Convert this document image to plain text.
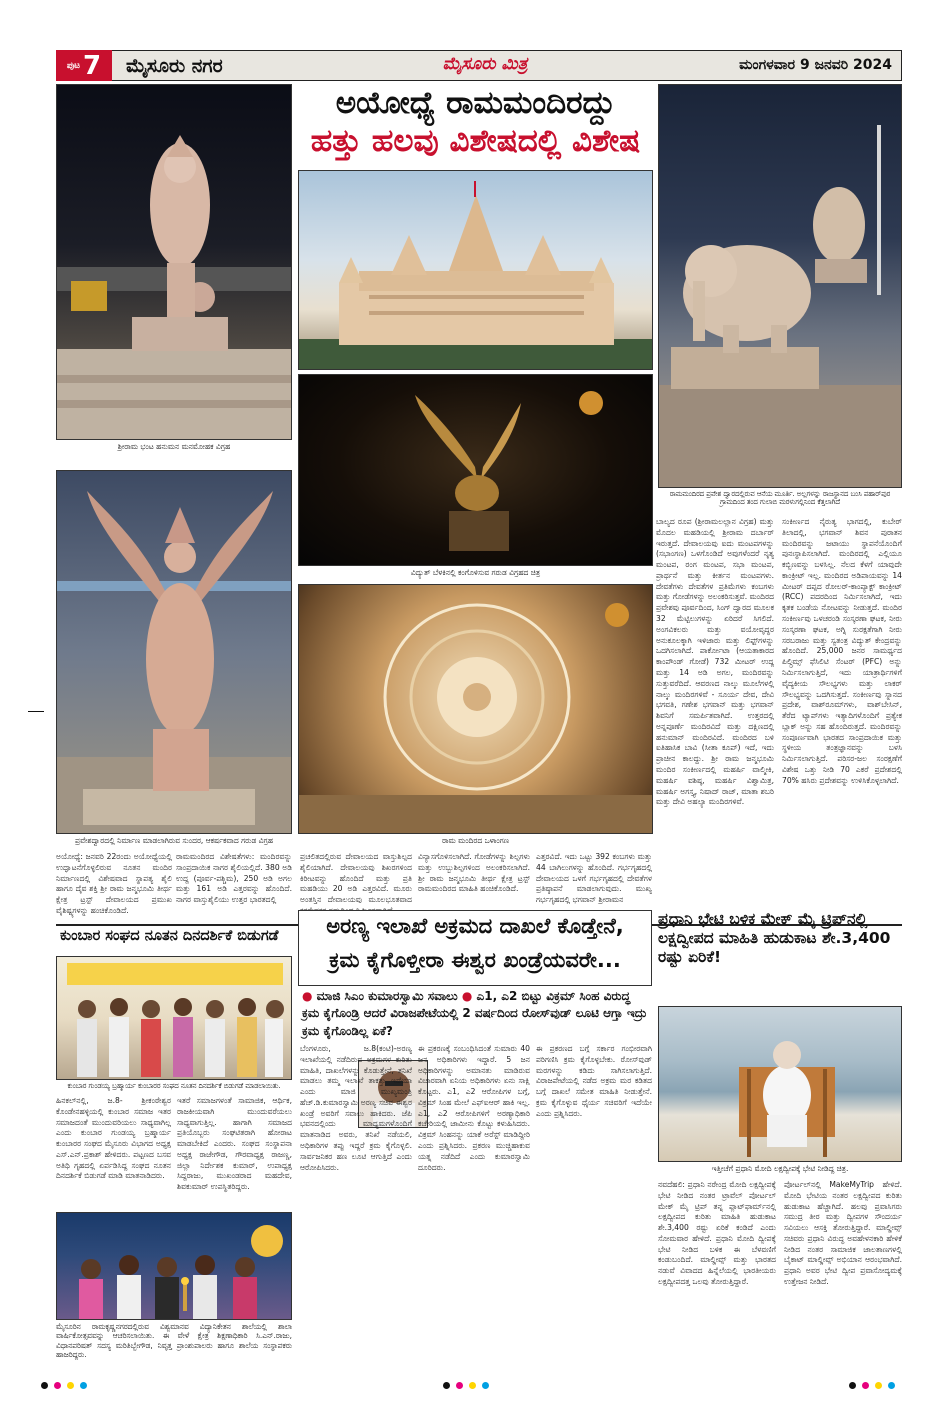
ಪುಟ 7	ಮೈಸೂರು ನಗರ	ಮೈಸೂರು ಮಿತ್ರ	ಮಂಗಳವಾರ 9 ಜನವರಿ 2024
ಶ್ರೀರಾಮ ಭಂಟ ಹನುಮನ ಮನಮೋಹಕ ವಿಗ್ರಹ
ಪ್ರವೇಶದ್ವಾರದಲ್ಲಿ ನಿರ್ಮಾಣ ಮಾಡಲಾಗಿರುವ ಸುಂದರ, ಆಕರ್ಷಕವಾದ ಗರುಡ ವಿಗ್ರಹ
ಅಯೋಧ್ಯೆ ರಾಮಮಂದಿರದ್ದು
ಹತ್ತು ಹಲವು ವಿಶೇಷದಲ್ಲಿ ವಿಶೇಷ
ವಿದ್ಯುತ್ ಬೆಳಕಿನಲ್ಲಿ ಕಂಗೊಳಿಸುವ ಗರುಡ ವಿಗ್ರಹದ ಚಿತ್ರ
ರಾಮ ಮಂದಿರದ ಒಳಾಂಗಣ
ರಾಮಮಂದಿರದ ಪ್ರವೇಶ ದ್ವಾರದಲ್ಲಿರುವ ಆನೆಯ ಮೂರ್ತಿ. ಅಲ್ಲಗಳನ್ನು ರಾಜಸ್ಥಾನದ ಬಂಸಿ ಪಹಾರ್‌ಪುರ ಗ್ರಾಮದಿಂದ ತಂದ ಗುಲಾಬಿ ಮರಳುಗಲ್ಲಿನಿಂದ ಕೆತ್ತಲಾಗಿದೆ
ಬಾಲ್ಯದ ರೂಪ (ಶ್ರೀರಾಮಲಲ್ಲಾನ ವಿಗ್ರಹ) ಮತ್ತು ಮೊದಲ ಮಹಡಿಯಲ್ಲಿ ಶ್ರೀರಾಮ ದರ್ಬಾರ್ ಇರುತ್ತದೆ. ದೇವಾಲಯವು ಐದು ಮಂಟಪಗಳನ್ನು (ಸಭಾಂಗಣ) ಒಳಗೊಂಡಿದೆ ಅವುಗಳೆಂದರೆ ನೃತ್ಯ ಮಂಟಪ, ರಂಗ ಮಂಟಪ, ಸಭಾ ಮಂಟಪ, ಪ್ರಾರ್ಥನೆ ಮತ್ತು ಕೀರ್ತನ ಮಂಟಪಗಳು. ದೇವತೆಗಳು ದೇವತೆಗಳ ಪ್ರತಿಮೆಗಳು ಕಂಬಗಳು ಮತ್ತು ಗೋಡೆಗಳನ್ನು ಅಲಂಕರಿಸುತ್ತವೆ. ಮಂದಿರದ ಪ್ರವೇಶವು ಪೂರ್ವದಿಂದ, ಸಿಂಗ್ ದ್ವಾರದ ಮೂಲಕ 32 ಮೆಟ್ಟಿಲುಗಳನ್ನು ಏರಿದರೆ ಸಿಗಲಿದೆ. ಅಂಗವಿಕಲರು ಮತ್ತು ವಯೋವೃದ್ಧರ ಅನುಕೂಲಕ್ಕಾಗಿ ಇಳಿಜಾರು ಮತ್ತು ಲಿಫ್ಟ್‌ಗಳನ್ನು ಒದಗಿಸಲಾಗಿದೆ. ಪಾರ್ಕೋಟಾ (ಆಯತಾಕಾರದ ಕಾಂಪೌಂಡ್ ಗೋಡೆ) 732 ಮೀಟರ್ ಉದ್ದ ಮತ್ತು 14 ಅಡಿ ಅಗಲ, ಮಂದಿರವನ್ನು ಸುತ್ತುವರೆದಿದೆ. ಆವರಣದ ನಾಲ್ಕು ಮೂಲೆಗಳಲ್ಲಿ ನಾಲ್ಕು ಮಂದಿರಗಳಿವೆ - ಸೂರ್ಯ ದೇವ, ದೇವಿ ಭಗವತಿ, ಗಣೇಶ ಭಗವಾನ್ ಮತ್ತು ಭಗವಾನ್ ಶಿವನಿಗೆ ಸಮರ್ಪಿತವಾಗಿದೆ. ಉತ್ತರದಲ್ಲಿ ಅನ್ನಪೂರ್ಣೆ ಮಂದಿರವಿದೆ ಮತ್ತು ದಕ್ಷಿಣದಲ್ಲಿ ಹನುಮಾನ್ ಮಂದಿರವಿದೆ. ಮಂದಿರದ ಬಳಿ ಐತಿಹಾಸಿಕ ಬಾವಿ (ಸೀತಾ ಕೂಪ್) ಇದೆ, ಇದು ಪ್ರಾಚೀನ ಕಾಲದ್ದು. ಶ್ರೀ ರಾಮ ಜನ್ಮಭೂಮಿ ಮಂದಿರ ಸಂಕೀರ್ಣದಲ್ಲಿ ಮಹರ್ಷಿ ವಾಲ್ಮೀಕಿ, ಮಹರ್ಷಿ ವಶಿಷ್ಠ, ಮಹರ್ಷಿ ವಿಶ್ವಾಮಿತ್ರ, ಮಹರ್ಷಿ ಅಗಸ್ತ್ಯ, ನಿಷಾದ್ ರಾಜ್, ಮಾತಾ ಶಬರಿ ಮತ್ತು ದೇವಿ ಅಹಲ್ಯಾ ಮಂದಿರಗಳಿವೆ.
ಸಂಕೀರ್ಣದ ನೈರುತ್ಯ ಭಾಗದಲ್ಲಿ, ಕುಬೇರ್ ತಿಲಾದಲ್ಲಿ, ಭಗವಾನ್ ಶಿವನ ಪುರಾತನ ಮಂದಿರವನ್ನು ಜಟಾಯು ಸ್ಥಾಪನೆಯೊಂದಿಗೆ ಪುನಃಸ್ಥಾಪಿಸಲಾಗಿದೆ. ಮಂದಿರದಲ್ಲಿ ಎಲ್ಲಿಯೂ ಕಬ್ಬಿಣವನ್ನು ಬಳಸಿಲ್ಲ. ನೆಲದ ಕೆಳಗೆ ಯಾವುದೇ ಕಾಂಕ್ರೀಟ್ ಇಲ್ಲ. ಮಂದಿರದ ಅಡಿಪಾಯವನ್ನು 14 ಮೀಟರ್ ದಪ್ಪದ ರೋಲರ್-ಕಾಂಪ್ಯಾಕ್ಟ್ ಕಾಂಕ್ರೀಟ್ (RCC) ಪದರದಿಂದ ನಿರ್ಮಿಸಲಾಗಿದೆ, ಇದು ಕೃತಕ ಬಂಡೆಯ ನೋಟವನ್ನು ನೀಡುತ್ತದೆ. ಮಂದಿರ ಸಂಕೀರ್ಣವು ಒಳಚರಂಡಿ ಸಂಸ್ಕರಣಾ ಘಟಕ, ನೀರು ಸಂಸ್ಕರಣಾ ಘಟಕ, ಅಗ್ನಿ ಸುರಕ್ಷತೆಗಾಗಿ ನೀರು ಸರಬರಾಜು ಮತ್ತು ಸ್ವತಂತ್ರ ವಿದ್ಯುತ್ ಕೇಂದ್ರವನ್ನು ಹೊಂದಿದೆ. 25,000 ಜನರ ಸಾಮರ್ಥ್ಯದ ಪಿಲ್ಗ್ರಿಮ್ಸ್ ಫೆಸಿಲಿಟಿ ಸೆಂಟರ್ (PFC) ಅನ್ನು ನಿರ್ಮಿಸಲಾಗುತ್ತಿದೆ, ಇದು ಯಾತ್ರಾರ್ಥಿಗಳಿಗೆ ವೈದ್ಯಕೀಯ ಸೌಲಭ್ಯಗಳು ಮತ್ತು ಲಾಕರ್ ಸೌಲಭ್ಯವನ್ನು ಒದಗಿಸುತ್ತದೆ. ಸಂಕೀರ್ಣವು ಸ್ನಾನದ ಪ್ರದೇಶ, ವಾಶ್‌ರೂಮ್‌ಗಳು, ವಾಶ್‌ಬೇಸಿನ್, ತೆರೆದ ಟ್ಯಾಪ್‌ಗಳು ಇತ್ಯಾದಿಗಳೊಂದಿಗೆ ಪ್ರತ್ಯೇಕ ಬ್ಲಾಕ್ ಅನ್ನು ಸಹ ಹೊಂದಿರುತ್ತದೆ. ಮಂದಿರವನ್ನು ಸಂಪೂರ್ಣವಾಗಿ ಭಾರತದ ಸಾಂಪ್ರದಾಯಿಕ ಮತ್ತು ಸ್ಥಳೀಯ ತಂತ್ರಜ್ಞಾನವನ್ನು ಬಳಸಿ ನಿರ್ಮಿಸಲಾಗುತ್ತಿದೆ. ಪರಿಸರ-ಜಲ ಸಂರಕ್ಷಣೆಗೆ ವಿಶೇಷ ಒತ್ತು ನೀಡಿ 70 ಎಕರೆ ಪ್ರದೇಶದಲ್ಲಿ 70% ಹಸಿರು ಪ್ರದೇಶವನ್ನು ಉಳಿಸಿಕೊಳ್ಳಲಾಗಿದೆ.
ಅಯೋಧ್ಯೆ: ಜನವರಿ 22ರಂದು ಅಯೋಧ್ಯೆಯಲ್ಲಿ ಉದ್ಘಾಟನೆಗೊಳ್ಳಲಿರುವ ನೂತನ ಮಂದಿರ ನಿರ್ಮಾಣದಲ್ಲಿ ವಿಶೇಷವಾದ ಸ್ಥಾಪತ್ಯ ಶೈಲಿ ಹಾಗೂ ದೈವ ಶಕ್ತಿ ಶ್ರೀ ರಾಮ ಜನ್ಮಭೂಮಿ ತೀರ್ಥ ಕ್ಷೇತ್ರ ಟ್ರಸ್ಟ್ ದೇವಾಲಯದ ಪ್ರಮುಖ ವೈಶಿಷ್ಟ್ಯಗಳನ್ನು ಹಂಚಿಕೊಂಡಿದೆ.
ರಾಮಮಂದಿರದ ವಿಶೇಷತೆಗಳು: ಮಂದಿರವನ್ನು ಸಾಂಪ್ರದಾಯಿಕ ನಾಗರ ಶೈಲಿಯಲ್ಲಿದೆ. 380 ಅಡಿ ಉದ್ದ (ಪೂರ್ವ-ಪಶ್ಚಿಮ), 250 ಅಡಿ ಅಗಲ ಮತ್ತು 161 ಅಡಿ ಎತ್ತರವನ್ನು ಹೊಂದಿದೆ. ನಾಗರ ವಾಸ್ತುಶೈಲಿಯು ಉತ್ತರ ಭಾರತದಲ್ಲಿ
ಪ್ರಚಲಿತದಲ್ಲಿರುವ ದೇವಾಲಯದ ವಾಸ್ತುಶಿಲ್ಪದ ಶೈಲಿಯಾಗಿದೆ. ದೇವಾಲಯವು ಶಿಖರಗಳಿಂದ ಕಿರೀಟವನ್ನು ಹೊಂದಿದೆ ಮತ್ತು ಪ್ರತಿ ಮಹಡಿಯು 20 ಅಡಿ ಎತ್ತರವಿದೆ. ಮೂರು ಅಂತಸ್ತಿನ ದೇವಾಲಯವು ಮೂಲಭೂತವಾದ
ವಿನ್ಯಾಸಗೊಳಿಸಲಾಗಿದೆ. ಗೋಡೆಗಳನ್ನು ಶಿಲ್ಪಗಳು ಮತ್ತು ಉಬ್ಬುಶಿಲ್ಪಗಳಿಂದ ಅಲಂಕರಿಸಲಾಗಿದೆ. ಶ್ರೀ ರಾಮ ಜನ್ಮಭೂಮಿ ತೀರ್ಥ ಕ್ಷೇತ್ರ ಟ್ರಸ್ಟ್ ರಾಮಮಂದಿರದ ಮಾಹಿತಿ ಹಂಚಿಕೊಂಡಿದೆ.
ಎತ್ತರವಿದೆ. ಇದು ಒಟ್ಟು 392 ಕಂಬಗಳು ಮತ್ತು 44 ಬಾಗಿಲುಗಳನ್ನು ಹೊಂದಿದೆ. ಗರ್ಭಗೃಹದಲ್ಲಿ ದೇವಾಲಯದ ಒಳಗೆ ಗರ್ಭಗೃಹದಲ್ಲಿ ದೇವತೆಗಳ ಪ್ರತಿಷ್ಠಾಪನೆ ಮಾಡಲಾಗುವುದು. ಮುಖ್ಯ ಗರ್ಭಗೃಹದಲ್ಲಿ ಭಗವಾನ್ ಶ್ರೀರಾಮನ
ಕುಂಬಾರ ಸಂಘದ ನೂತನ ದಿನದರ್ಶಿಕೆ ಬಿಡುಗಡೆ
ಕುಂಬಾರ ಗುಂಡಯ್ಯ ಬ್ರಹ್ಮಾರ್ಯ ಕುಂಬಾರರ ಸಂಘದ ನೂತನ ದಿನದರ್ಶಿಕೆ ಬಿಡುಗಡೆ ಮಾಡಲಾಯಿತು.
ಹಿನಕಲ್‌ನಲ್ಲಿ, ಜ.8- ಶ್ರೀಕಂಠೇಶ್ವರ ಕೊಂಡೇನಹಳ್ಳಿಯಲ್ಲಿ ಕುಂಬಾರ ಸಮಾಜ ಇತರ ಸಮಾಜದಂತೆ ಮುಂದುವರಿಯಲು ಸಾಧ್ಯವಾಗಿಲ್ಲ ಎಂದು ಕುಂಬಾರ ಗುಂಡಯ್ಯ ಬ್ರಹ್ಮಾರ್ಯ ಕುಂಬಾರರ ಸಂಘದ ಮೈಸೂರು ವಿಭಾಗದ ಅಧ್ಯಕ್ಷ ಎಸ್.ಎನ್.ಪ್ರಕಾಶ್ ಹೇಳಿದರು. ಪಟ್ಟಣದ ಬಸವ ಅತಿಥಿ ಗೃಹದಲ್ಲಿ ಏರ್ಪಡಿಸಿದ್ದ ಸಂಘದ ನೂತನ ದಿನದರ್ಶಿಕೆ ಬಿಡುಗಡೆ ಮಾಡಿ ಮಾತನಾಡಿದರು.
ಇತರೆ ಸಮಾಜಗಳಂತೆ ಸಾಮಾಜಿಕ, ಆರ್ಥಿಕ, ರಾಜಕೀಯವಾಗಿ ಮುಂದುವರೆಯಲು ಸಾಧ್ಯವಾಗುತ್ತಿಲ್ಲ. ಹಾಗಾಗಿ ಸಮಾಜದ ಪ್ರತಿಯೊಬ್ಬರು ಸಂಘಟಿತರಾಗಿ ಹೋರಾಟ ಮಾಡಬೇಕಿದೆ ಎಂದರು. ಸಂಘದ ಸಂಸ್ಥಾಪನಾ ಅಧ್ಯಕ್ಷ ರಾಜೇಗೌಡ, ಗೌರವಾಧ್ಯಕ್ಷ ರಾಜಣ್ಣ, ಜಿಲ್ಲಾ ನಿರ್ದೇಶಕ ಕುಮಾರ್, ಉಪಾಧ್ಯಕ್ಷ ಸಿದ್ದರಾಜು, ಮುಖಂಡರಾದ ಮಹದೇವ, ಶಿವಕುಮಾರ್ ಉಪಸ್ಥಿತರಿದ್ದರು.
ಮೈಸೂರಿನ ರಾಮಕೃಷ್ಣನಗರದಲ್ಲಿರುವ ವಿಶ್ವಮಾನವ ವಿದ್ಯಾನಿಕೇತನ ಶಾಲೆಯಲ್ಲಿ ಶಾಲಾ ವಾರ್ಷಿಕೋತ್ಸವವನ್ನು ಆಚರಿಸಲಾಯಿತು. ಈ ವೇಳೆ ಕ್ಷೇತ್ರ ಶಿಕ್ಷಣಾಧಿಕಾರಿ ಸಿ.ಎನ್.ರಾಜು, ವಿಧಾನಪರಿಷತ್ ಸದಸ್ಯ ಮರಿತಿಬ್ಬೇಗೌಡ, ನಿವೃತ್ತ ಪ್ರಾಂಶುಪಾಲರು ಹಾಗೂ ಶಾಲೆಯ ಸಂಸ್ಥಾಪಕರು ಹಾಜರಿದ್ದರು.
ಅರಣ್ಯ ಇಲಾಖೆ ಅಕ್ರಮದ ದಾಖಲೆ ಕೊಡ್ತೇನೆ,
ಕ್ರಮ ಕೈಗೊಳ್ತೀರಾ ಈಶ್ವರ ಖಂಡ್ರೆಯವರೇ...
● ಮಾಜಿ ಸಿಎಂ ಕುಮಾರಸ್ವಾಮಿ ಸವಾಲು ● ಎ1, ಎ2 ಬಿಟ್ಟು ವಿಕ್ರಮ್ ಸಿಂಹ ವಿರುದ್ಧ ಕ್ರಮ ಕೈಗೊಂಡ್ರಿ ಆದರೆ ವಿರಾಜಪೇಟೆಯಲ್ಲಿ 2 ವರ್ಷದಿಂದ ರೋಸ್‌ವುಡ್ ಲೂಟಿ ಆಗ್ತಾ ಇದ್ರು ಕ್ರಮ ಕೈಗೊಂಡಿಲ್ಲ ಏಕೆ?
ಬೆಂಗಳೂರು, ಜ.8(ಕಂಟಿ)-ಅರಣ್ಯ ಇಲಾಖೆಯಲ್ಲಿ ನಡೆದಿರುವ ಅಕ್ರಮಗಳ ಕುರಿತು ಮಾಹಿತಿ, ದಾಖಲೆಗಳನ್ನು ಕೊಡುತ್ತೇನೆ, ತನಿಖೆ ಮಾಡಲು ತಮ್ಮ ಇಲಾಖೆ ತಾಕತ್ತು ಇದೆಯಾ ಎಂದು ಮಾಜಿ ಮುಖ್ಯಮಂತ್ರಿ ಹೆಚ್.ಡಿ.ಕುಮಾರಸ್ವಾಮಿ ಅರಣ್ಯ ಸಚಿವ ಈಶ್ವರ ಖಂಡ್ರೆ ಅವರಿಗೆ ಸವಾಲು ಹಾಕಿದರು. ಜೆಪಿ ಭವನದಲ್ಲಿಂದು ಮಾಧ್ಯಮಗಳೊಂದಿಗೆ ಮಾತನಾಡಿದ ಅವರು, ತನಿಖೆ ನಡೆಯಲಿ, ಅಧಿಕಾರಿಗಳ ತಪ್ಪು ಇದ್ದರೆ ಕ್ರಮ ಕೈಗೊಳ್ಳಲಿ. ಸಾರ್ವಜನಿಕರ ಹಣ ಲೂಟಿ ಆಗುತ್ತಿದೆ ಎಂದು ಆರೋಪಿಸಿದರು.
ಈ ಪ್ರಕರಣಕ್ಕೆ ಸಂಬಂಧಿಸಿದಂತೆ ಸುಮಾರು 40 ಜನ ಅಧಿಕಾರಿಗಳು ಇದ್ದಾರೆ. 5 ಜನ ಅಧಿಕಾರಿಗಳನ್ನು ಅಮಾನತು ಮಾಡಿರುವ ವಿಚಾರವಾಗಿ ಏನಿಯ ಅಧಿಕಾರಿಗಳು ಏನು ಸಾಕ್ಷಿ ಕೊಟ್ಟರು. ಎ1, ಎ2 ಆರೋಪಿಗಳ ಬಗ್ಗೆ, ವಿಕ್ರಮ್ ಸಿಂಹ ಮೇಲೆ ಎಫ್‌ಐಆರ್ ಹಾಕಿ ಇಲ್ಲ. ಎ1, ಎ2 ಆರೋಪಿಗಳಿಗೆ ಅರಣ್ಯಾಧಿಕಾರಿ ಕಚೇರಿಯಲ್ಲಿ ಜಾಮೀನು ಕೊಟ್ಟು ಕಳುಹಿಸಿದರು. ವಿಕ್ರಮ್ ಸಿಂಹನನ್ನು ಯಾಕೆ ಅರೆಸ್ಟ್ ಮಾಡಿದ್ದೀರಿ ಎಂದು ಪ್ರಶ್ನಿಸಿದರು. ಪ್ರಕರಣ ಮುಚ್ಚಿಹಾಕುವ ಯತ್ನ ನಡೆದಿದೆ ಎಂದು ಕುಮಾರಸ್ವಾಮಿ ದೂರಿದರು.
ಈ ಪ್ರಕರಣದ ಬಗ್ಗೆ ಸರ್ಕಾರ ಗಂಭೀರವಾಗಿ ಪರಿಗಣಿಸಿ ಕ್ರಮ ಕೈಗೊಳ್ಳಬೇಕು. ರೋಸ್‌ವುಡ್ ಮರಗಳನ್ನು ಕಡಿದು ಸಾಗಿಸಲಾಗುತ್ತಿದೆ. ವಿರಾಜಪೇಟೆಯಲ್ಲಿ ನಡೆದ ಅಕ್ರಮ ಮರ ಕಡಿತದ ಬಗ್ಗೆ ದಾಖಲೆ ಸಮೇತ ಮಾಹಿತಿ ನೀಡುತ್ತೇನೆ. ಕ್ರಮ ಕೈಗೊಳ್ಳುವ ಧೈರ್ಯ ಸಚಿವರಿಗೆ ಇದೆಯೇ ಎಂದು ಪ್ರಶ್ನಿಸಿದರು.
ಪ್ರಧಾನಿ ಭೇಟಿ ಬಳಿಕ ಮೇಕ್ ಮೈ ಟ್ರಿಪ್‌ನಲ್ಲಿ ಲಕ್ಷದ್ವೀಪದ ಮಾಹಿತಿ ಹುಡುಕಾಟ ಶೇ.3,400 ರಷ್ಟು ಏರಿಕೆ!
ಇತ್ತೀಚೆಗೆ ಪ್ರಧಾನಿ ಮೋದಿ ಲಕ್ಷದ್ವೀಪಕ್ಕೆ ಭೇಟಿ ನೀಡಿದ್ದ ಚಿತ್ರ.
ನವದೆಹಲಿ: ಪ್ರಧಾನಿ ನರೇಂದ್ರ ಮೋದಿ ಲಕ್ಷದ್ವೀಪಕ್ಕೆ ಭೇಟಿ ನೀಡಿದ ನಂತರ ಟ್ರಾವೆಲ್ ಪೋರ್ಟಲ್ ಮೇಕ್ ಮೈ ಟ್ರಿಪ್ ತನ್ನ ಪ್ಲಾಟ್‌ಫಾರ್ಮ್‌ನಲ್ಲಿ ಲಕ್ಷದ್ವೀಪದ ಕುರಿತು ಮಾಹಿತಿ ಹುಡುಕಾಟ ಶೇ.3,400 ರಷ್ಟು ಏರಿಕೆ ಕಂಡಿದೆ ಎಂದು ಸೋಮವಾರ ಹೇಳಿದೆ. ಪ್ರಧಾನಿ ಮೋದಿ ದ್ವೀಪಕ್ಕೆ ಭೇಟಿ ನೀಡಿದ ಬಳಿಕ ಈ ಬೆಳವಣಿಗೆ ಕಂಡುಬಂದಿದೆ. ಮಾಲ್ಡೀವ್ಸ್ ಮತ್ತು ಭಾರತದ ನಡುವೆ ವಿವಾದದ ಹಿನ್ನೆಲೆಯಲ್ಲಿ ಭಾರತೀಯರು ಲಕ್ಷದ್ವೀಪದತ್ತ ಒಲವು ತೋರುತ್ತಿದ್ದಾರೆ.
ಪೋರ್ಟಲ್‌ನಲ್ಲಿ MakeMyTrip ಹೇಳಿದೆ. ಮೋದಿ ಭೇಟಿಯ ನಂತರ ಲಕ್ಷದ್ವೀಪದ ಕುರಿತು ಹುಡುಕಾಟ ಹೆಚ್ಚಾಗಿದೆ. ಹಲವು ಪ್ರವಾಸಿಗರು ಸಮುದ್ರ ತೀರ ಮತ್ತು ದ್ವೀಪಗಳ ಸೌಂದರ್ಯ ಸವಿಯಲು ಆಸಕ್ತಿ ತೋರುತ್ತಿದ್ದಾರೆ. ಮಾಲ್ಡೀವ್ಸ್ ಸಚಿವರು ಪ್ರಧಾನಿ ವಿರುದ್ಧ ಅವಹೇಳನಕಾರಿ ಹೇಳಿಕೆ ನೀಡಿದ ನಂತರ ಸಾಮಾಜಿಕ ಜಾಲತಾಣಗಳಲ್ಲಿ ಬೈಕಾಟ್ ಮಾಲ್ಡೀವ್ಸ್ ಅಭಿಯಾನ ಆರಂಭವಾಗಿದೆ. ಪ್ರಧಾನಿ ಅವರ ಭೇಟಿ ದ್ವೀಪ ಪ್ರವಾಸೋದ್ಯಮಕ್ಕೆ ಉತ್ತೇಜನ ನೀಡಿದೆ.
